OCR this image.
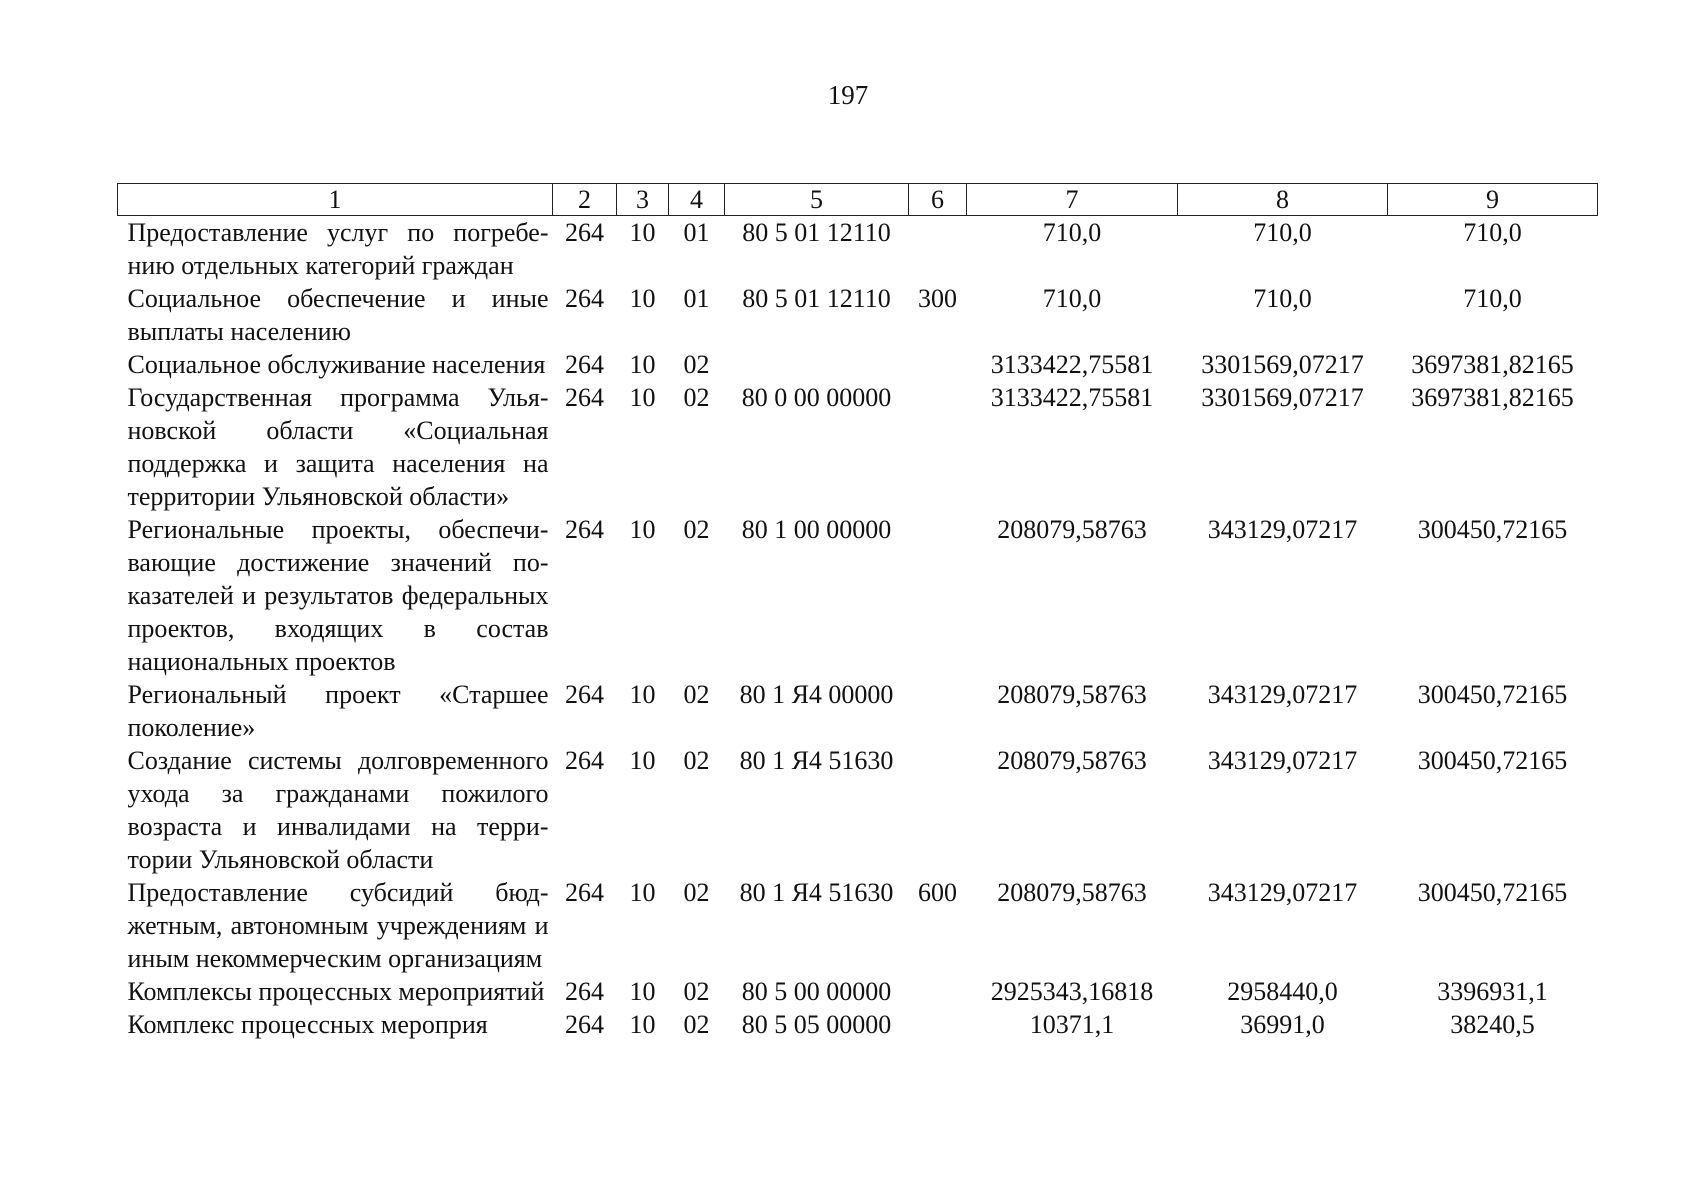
197
1	2	3	4	5	6	7	8	9
Предоставление услуг по погребению отдельных категорий граждан	264	10	01	80 5 01 12110		710,0	710,0	710,0
Социальное обеспечение и иные выплаты населению	264	10	01	80 5 01 12110	300	710,0	710,0	710,0
Социальное обслуживание населения	264	10	02			3133422,75581	3301569,07217	3697381,82165
Государственная программа Ульяновской области «Социальная поддержка и защита населения на территории Ульяновской области»	264	10	02	80 0 00 00000		3133422,75581	3301569,07217	3697381,82165
Региональные проекты, обеспечивающие достижение значений показателей и результатов федеральных проектов, входящих в состав национальных проектов	264	10	02	80 1 00 00000		208079,58763	343129,07217	300450,72165
Региональный проект «Старшее поколение»	264	10	02	80 1 Я4 00000		208079,58763	343129,07217	300450,72165
Создание системы долговременного ухода за гражданами пожилого возраста и инвалидами на территории Ульяновской области	264	10	02	80 1 Я4 51630		208079,58763	343129,07217	300450,72165
Предоставление субсидий бюджетным, автономным учреждениям и иным некоммерческим организациям	264	10	02	80 1 Я4 51630	600	208079,58763	343129,07217	300450,72165
Комплексы процессных мероприятий	264	10	02	80 5 00 00000		2925343,16818	2958440,0	3396931,1
Комплекс процессных мероприя	264	10	02	80 5 05 00000		10371,1	36991,0	38240,5
